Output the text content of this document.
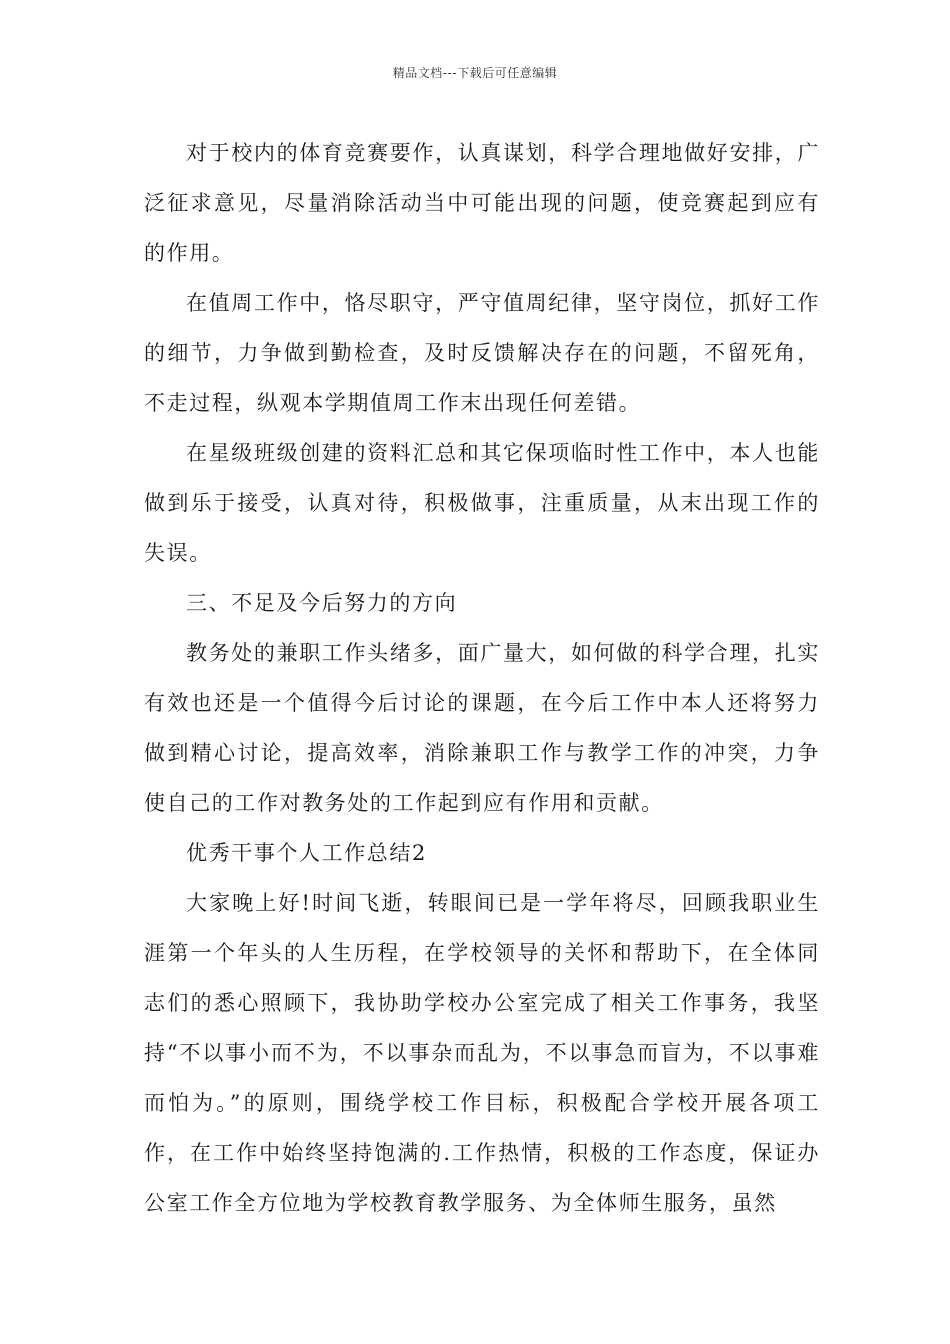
精品文档---下载后可任意编辑

对于校内的体育竞赛要作，认真谋划，科学合理地做好安排，广泛征求意见，尽量消除活动当中可能出现的问题，使竞赛起到应有的作用。

在值周工作中，恪尽职守，严守值周纪律，坚守岗位，抓好工作的细节，力争做到勤检查，及时反馈解决存在的问题，不留死角，不走过程，纵观本学期值周工作末出现任何差错。

在星级班级创建的资料汇总和其它保项临时性工作中，本人也能做到乐于接受，认真对待，积极做事，注重质量，从末出现工作的失误。

三、不足及今后努力的方向

教务处的兼职工作头绪多，面广量大，如何做的科学合理，扎实有效也还是一个值得今后讨论的课题，在今后工作中本人还将努力做到精心讨论，提高效率，消除兼职工作与教学工作的冲突，力争使自己的工作对教务处的工作起到应有作用和贡献。

优秀干事个人工作总结2

大家晚上好!时间飞逝，转眼间已是一学年将尽，回顾我职业生涯第一个年头的人生历程，在学校领导的关怀和帮助下，在全体同志们的悉心照顾下，我协助学校办公室完成了相关工作事务，我坚持“不以事小而不为，不以事杂而乱为，不以事急而盲为，不以事难而怕为。”的原则，围绕学校工作目标，积极配合学校开展各项工作，在工作中始终坚持饱满的.工作热情，积极的工作态度，保证办公室工作全方位地为学校教育教学服务、为全体师生服务，虽然
